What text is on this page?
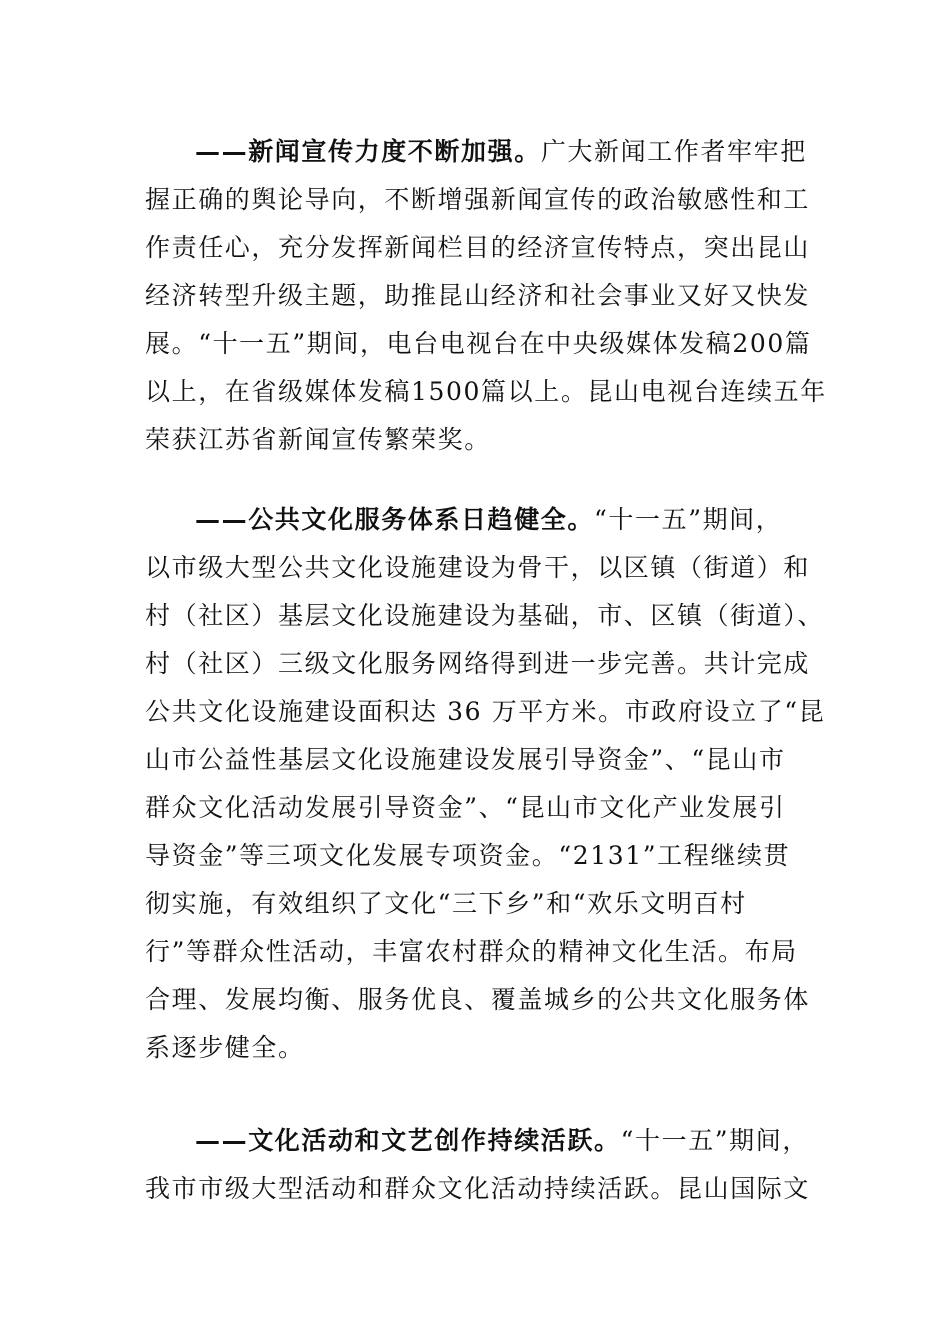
——新闻宣传力度不断加强。广大新闻工作者牢牢把
握正确的舆论导向，不断增强新闻宣传的政治敏感性和工
作责任心，充分发挥新闻栏目的经济宣传特点，突出昆山
经济转型升级主题，助推昆山经济和社会事业又好又快发
展。“十一五”期间，电台电视台在中央级媒体发稿200篇
以上，在省级媒体发稿1500篇以上。昆山电视台连续五年
荣获江苏省新闻宣传繁荣奖。
——公共文化服务体系日趋健全。“十一五”期间，
以市级大型公共文化设施建设为骨干，以区镇（街道）和
村（社区）基层文化设施建设为基础，市、区镇（街道）、
村（社区）三级文化服务网络得到进一步完善。共计完成
公共文化设施建设面积达 36 万平方米。市政府设立了“昆
山市公益性基层文化设施建设发展引导资金”、“昆山市
群众文化活动发展引导资金”、“昆山市文化产业发展引
导资金”等三项文化发展专项资金。“2131”工程继续贯
彻实施，有效组织了文化“三下乡”和“欢乐文明百村
行”等群众性活动，丰富农村群众的精神文化生活。布局
合理、发展均衡、服务优良、覆盖城乡的公共文化服务体
系逐步健全。
——文化活动和文艺创作持续活跃。“十一五”期间，
我市市级大型活动和群众文化活动持续活跃。昆山国际文
